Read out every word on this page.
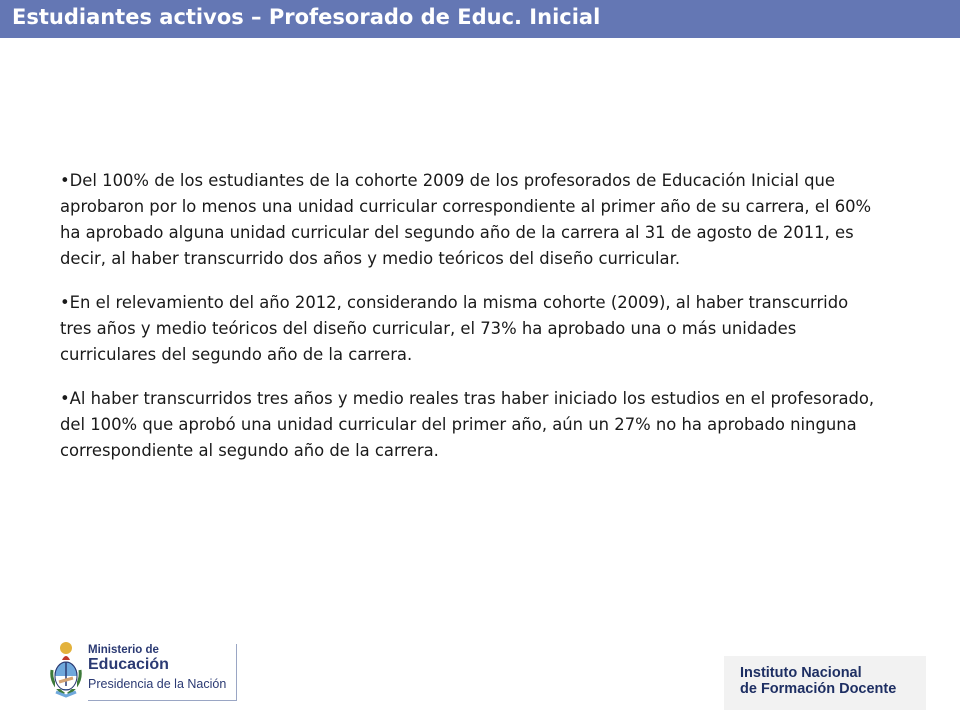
Estudiantes activos – Profesorado de Educ. Inicial

•Del 100% de los estudiantes de la cohorte 2009 de los profesorados de Educación Inicial que aprobaron por lo menos una unidad curricular correspondiente al primer año de su carrera, el 60% ha aprobado alguna unidad curricular del segundo año de la carrera al 31 de agosto de 2011, es decir, al haber transcurrido dos años y medio teóricos del diseño curricular.

•En el relevamiento del año 2012, considerando la misma cohorte (2009), al haber transcurrido tres años y medio teóricos del diseño curricular, el 73% ha aprobado una o más unidades curriculares del segundo año de la carrera.

•Al haber transcurridos tres años y medio reales tras haber iniciado los estudios en el profesorado, del 100% que aprobó una unidad curricular del primer año, aún un 27% no ha aprobado ninguna correspondiente al segundo año de la carrera.

Ministerio de
Educación
Presidencia de la Nación
Instituto Nacional
de Formación Docente
